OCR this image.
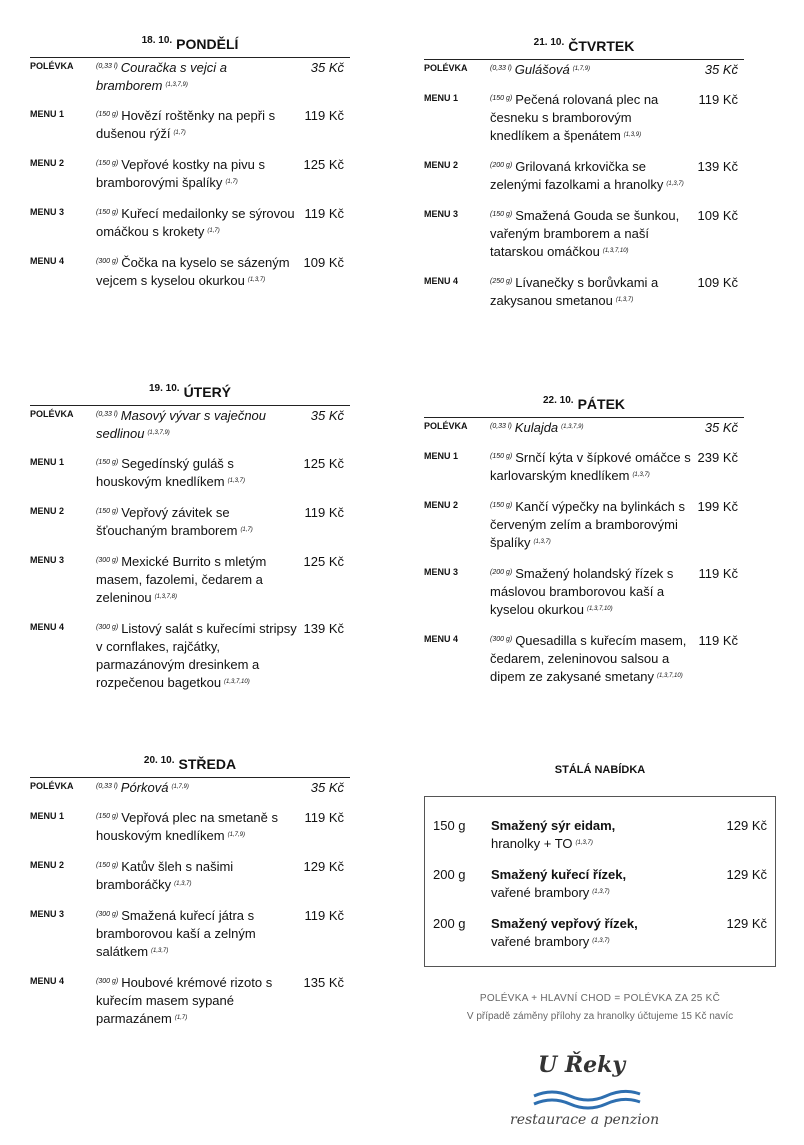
$^{18. 10.}$ PONDĚLÍ
POLÉVKA	$^{(0,33 l)}$ Couračka s vejci a bramborem $^{(1,3,7,9)}$
35 Kč
MENU 1	$^{(150 g)}$ Hovězí roštěnky na pepři s dušenou rýží $^{(1,7)}$
119 Kč
MENU 2	$^{(150 g)}$ Vepřové kostky na pivu s bramborovými špalíky $^{(1,7)}$
125 Kč
MENU 3	$^{(150 g)}$ Kuřecí medailonky se sýrovou omáčkou s krokety $^{(1,7)}$
119 Kč
MENU 4	$^{(300 g)}$ Čočka na kyselo se sázeným vejcem s kyselou okurkou $^{(1,3,7)}$
109 Kč
$^{19. 10.}$ ÚTERÝ
POLÉVKA	$^{(0,33 l)}$ Masový vývar s vaječnou sedlinou $^{(1,3,7,9)}$
35 Kč
MENU 1	$^{(150 g)}$ Segedínský guláš s houskovým knedlíkem $^{(1,3,7)}$
125 Kč
MENU 2	$^{(150 g)}$ Vepřový závitek se šťouchaným bramborem $^{(1,7)}$
119 Kč
MENU 3	$^{(300 g)}$ Mexické Burrito s mletým masem, fazolemi, čedarem a zeleninou $^{(1,3,7,8)}$
125 Kč
MENU 4	$^{(300 g)}$ Listový salát s kuřecími stripsy v cornflakes, rajčátky, parmazánovým dresinkem a rozpečenou bagetkou $^{(1,3,7,10)}$
139 Kč
$^{20. 10.}$ STŘEDA
POLÉVKA	$^{(0,33 l)}$ Pórková $^{(1,7,9)}$	35 Kč
MENU 1	$^{(150 g)}$ Vepřová plec na smetaně s houskovým knedlíkem $^{(1,7,9)}$
119 Kč
MENU 2	$^{(150 g)}$ Katův šleh s našimi bramboráčky $^{(1,3,7)}$
129 Kč
MENU 3	$^{(300 g)}$ Smažená kuřecí játra s bramborovou kaší a zelným salátkem $^{(1,3,7)}$
119 Kč
MENU 4	$^{(300 g)}$ Houbové krémové rizoto s kuřecím masem sypané parmazánem $^{(1,7)}$
135 Kč
$^{21. 10.}$ ČTVRTEK
POLÉVKA	$^{(0,33 l)}$ Gulášová $^{(1,7,9)}$	35 Kč
MENU 1	$^{(150 g)}$ Pečená rolovaná plec na česneku s bramborovým knedlíkem a špenátem $^{(1,3,9)}$
119 Kč
MENU 2	$^{(200 g)}$ Grilovaná krkovička se zelenými fazolkami a hranolky $^{(1,3,7)}$
139 Kč
MENU 3	$^{(150 g)}$ Smažená Gouda se šunkou, vařeným bramborem a naší tatarskou omáčkou $^{(1,3,7,10)}$
109 Kč
MENU 4	$^{(250 g)}$ Lívanečky s borůvkami a zakysanou smetanou $^{(1,3,7)}$
109 Kč
$^{22. 10.}$ PÁTEK
POLÉVKA	$^{(0,33 l)}$ Kulajda $^{(1,3,7,9)}$	35 Kč
MENU 1	$^{(150 g)}$ Srnčí kýta v šípkové omáčce s karlovarským knedlíkem $^{(1,3,7)}$
239 Kč
MENU 2	$^{(150 g)}$ Kančí výpečky na bylinkách s červeným zelím a bramborovými špalíky $^{(1,3,7)}$
199 Kč
MENU 3	$^{(200 g)}$ Smažený holandský řízek s máslovou bramborovou kaší a kyselou okurkou $^{(1,3,7,10)}$
119 Kč
MENU 4	$^{(300 g)}$ Quesadilla s kuřecím masem, čedarem, zeleninovou salsou a dipem ze zakysané smetany $^{(1,3,7,10)}$
119 Kč
STÁLÁ NABÍDKA
150 g Smažený sýr eidam,
hranolky + TO $^{(1,3,7)}$
129 Kč
200 g Smažený kuřecí řízek,
vařené brambory $^{(1,3,7)}$
129 Kč
200 g Smažený vepřový řízek,
vařené brambory $^{(1,3,7)}$
129 Kč
POLÉVKA + HLAVNÍ CHOD = POLÉVKA ZA 25 KČ
V případě záměny přílohy za hranolky účtujeme 15 Kč navíc
U Řeky
restaurace a penzion
